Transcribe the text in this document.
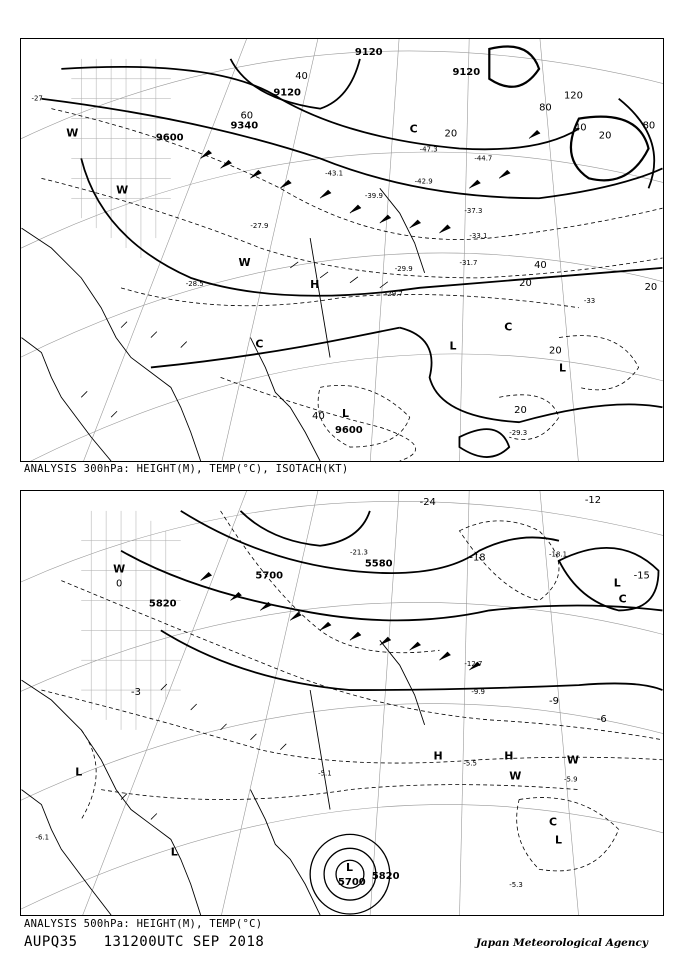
9120
9120
9120
9340
9600
9600
40
60
80
120
20
40	80
20
40
20	20
20
40
20
H
L
L
L
W
W
W
C
C
C
-47.3
-44.7
-43.1
-42.9
-39.9
-37.3
-33.1
-31.7
-29.9
-29.7
-28.5
-27.9
-27
-33
-29.3
ANALYSIS 300hPa: HEIGHT(M), TEMP(°C), ISOTACH(KT)
5700
5580
5820
5700
5820
-24
-18
-12
-15
-9
-6
-3
0
-21.3	-18.1
-12.7
-9.9
-5.5
-5.9
-5.3
-6.1
-5.1
L
L
L
L
L
H	H
W
W
W
C
C
ANALYSIS 500hPa: HEIGHT(M), TEMP(°C)
AUPQ35 131200UTC SEP 2018	Japan Meteorological Agency
